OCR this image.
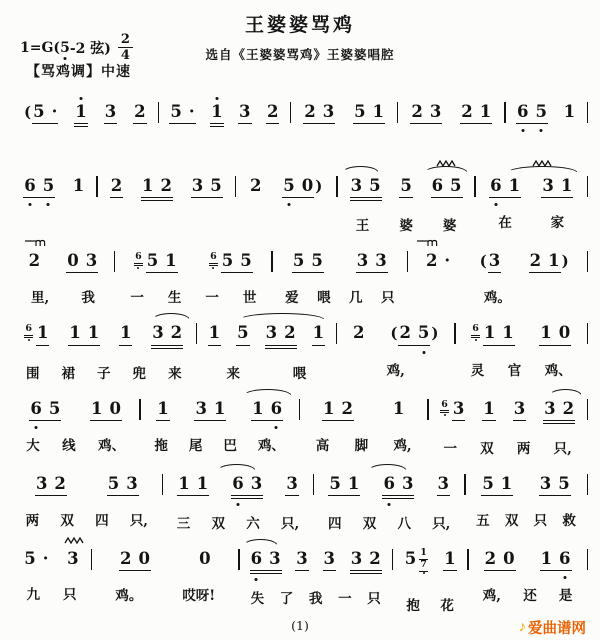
王婆婆骂鸡
选自《王婆婆骂鸡》王婆婆唱腔
1=G( 5 -2 弦) $\frac{2}{4}$
【骂鸡调】中速
( 5 · 1 3 2 5 · 1 3 2 2 3 5 1 2 3 2 1 6 5 1
6 5 1 2 1 2 3 5 2 5 0 ) 3 5 5 6 5
王 婆 婆
6 1 3 1
在	家
2 0 3
里, 我
6 5 1	6 5 5
一 生 一 世
5 5 3 3
爱 喂 几 只
2 · ( 3 2 1 )
鸡。
6 1 1 1 1 3 2
围 裙 子 兜 来
1 5 3 2 1
来	喂
2 ( 2 5 )
鸡,
6 1 1 1 0
灵 官 鸡、
6 5 1 0
大 线 鸡、
1 3 1 1 6
拖 尾 巴 鸡、
1 2 1
高 脚 鸡,
6 3 1 3 3 2
一 双 两 只,
3 2	5 3
两 双 四 只,
1 1 6 3 3
三 双 六 只,
5 1 6 3 3
四 双 八 只,
5 1 3 5
五 双 只 救
5 · 3
九 只
2 0	0
鸡。	哎呀!
6 3 3 3 3 2
失 了 我 一 只
5 1
7 1
抱 花
2 0 1 6
鸡, 还 是
(1)	♪ 爱曲谱网
